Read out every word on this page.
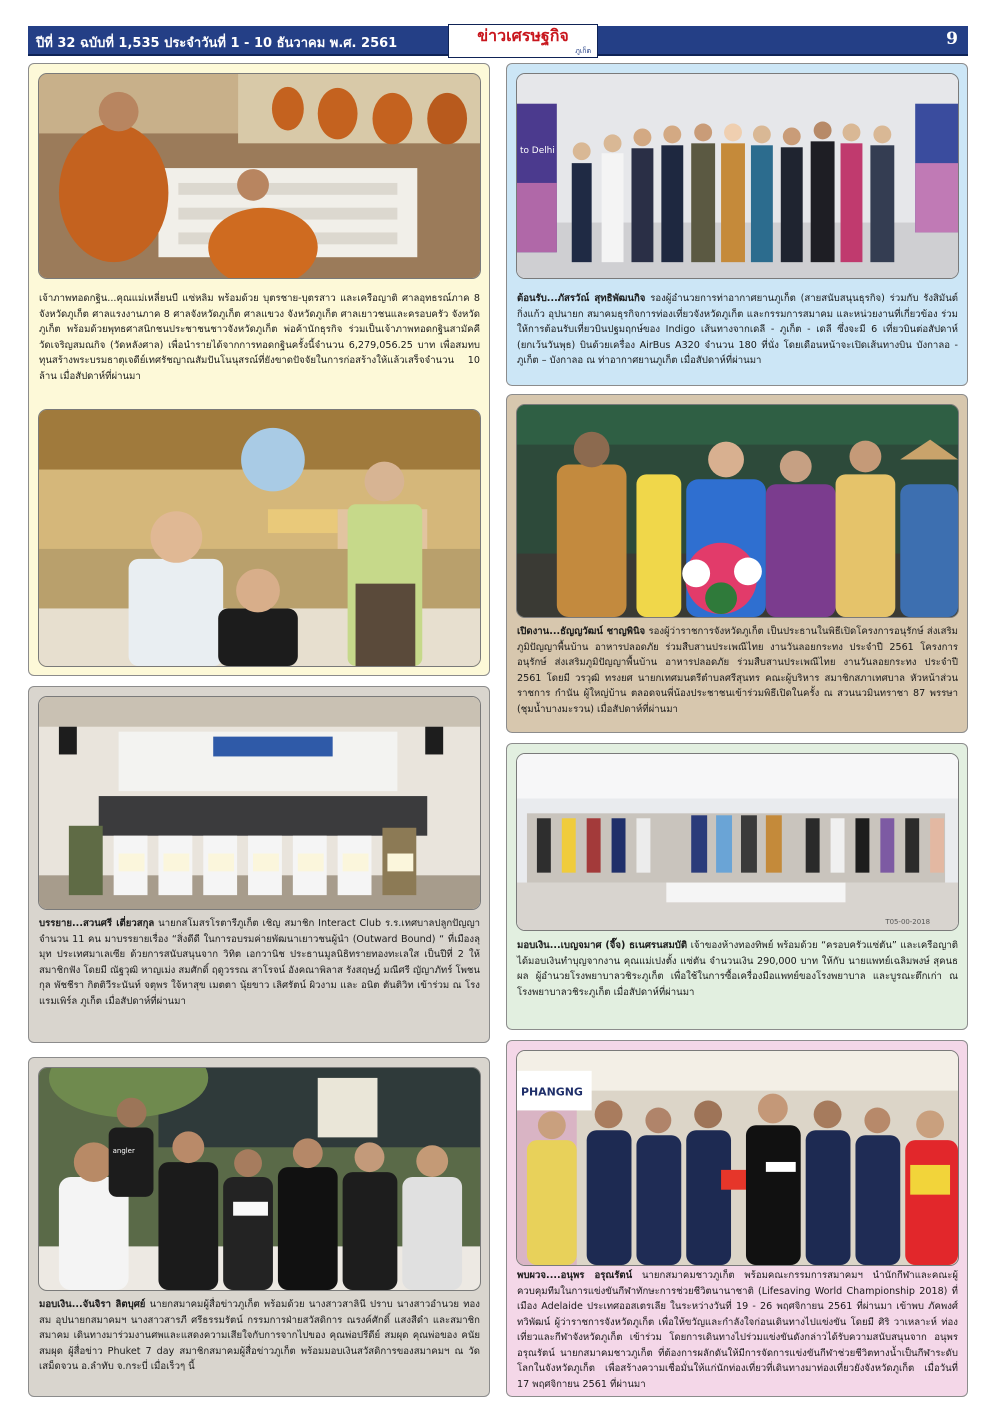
ปีที่ 32 ฉบับที่ 1,535 ประจำวันที่ 1 - 10 ธันวาคม พ.ศ. 2561	ข่าวเศรษฐกิจ
ภูเก็ต
9
เจ้าภาพทอดกฐิน...คุณแม่เหลี่ยนบี แซ่หลิม พร้อมด้วย บุตรชาย-บุตรสาว และเครือญาติ ศาลอุทธรณ์ภาค 8 จังหวัดภูเก็ต ศาลแรงงานภาค 8 ศาลจังหวัดภูเก็ต ศาลแขวง จังหวัดภูเก็ต ศาลเยาวชนและครอบครัว จังหวัดภูเก็ต พร้อมด้วยพุทธศาสนิกชนประชาชนชาวจังหวัดภูเก็ต พ่อค้านักธุรกิจ ร่วมเป็นเจ้าภาพทอดกฐินสามัคคีวัดเจริญสมณกิจ (วัดหลังศาล) เพื่อนำรายได้จากการทอดกฐินครั้งนี้จำนวน 6,279,056.25 บาท เพื่อสมทบทุนสร้างพระบรมธาตุเจดีย์เทศรัชญาณสัมปันโนนุสรณ์ที่ยังขาดปัจจัยในการก่อสร้างให้แล้วเสร็จจำนวน 10 ล้าน เมื่อสัปดาห์ที่ผ่านมา
to Delhi
ต้อนรับ...ภัสรวัณ์ สุทธิพัฒนกิจ รองผู้อำนวยการท่าอากาศยานภูเก็ต (สายสนับสนุนธุรกิจ) ร่วมกับ รังสิมันต์ กิ่งแก้ว อุปนายก สมาคมธุรกิจการท่องเที่ยวจังหวัดภูเก็ต และกรรมการสมาคม และหน่วยงานที่เกี่ยวข้อง ร่วมให้การต้อนรับเที่ยวบินปฐมฤกษ์ของ Indigo เส้นทางจากเดลี - ภูเก็ต - เดลี ซึ่งจะมี 6 เที่ยวบินต่อสัปดาห์ (ยกเว้นวันพุธ) บินด้วยเครื่อง AirBus A320 จำนวน 180 ที่นั่ง โดยเดือนหน้าจะเปิดเส้นทางบิน บังกาลอ - ภูเก็ต – บังกาลอ ณ ท่าอากาศยานภูเก็ต เมื่อสัปดาห์ที่ผ่านมา
เปิดงาน...ธัญญวัฒน์ ชาญพินิจ รองผู้ว่าราชการจังหวัดภูเก็ต เป็นประธานในพิธีเปิดโครงการอนุรักษ์ ส่งเสริมภูมิปัญญาพื้นบ้าน อาหารปลอดภัย ร่วมสืบสานประเพณีไทย งานวันลอยกระทง ประจำปี 2561 โครงการอนุรักษ์ ส่งเสริมภูมิปัญญาพื้นบ้าน อาหารปลอดภัย ร่วมสืบสานประเพณีไทย งานวันลอยกระทง ประจำปี 2561 โดยมี วรวุฒิ ทรงยศ นายกเทศมนตรีตำบลศรีสุนทร คณะผู้บริหาร สมาชิกสภาเทศบาล หัวหน้าส่วนราชการ กำนัน ผู้ใหญ่บ้าน ตลอดจนพี่น้องประชาชนเข้าร่วมพิธีเปิดในครั้ง ณ สวนนวมินทราชา 87 พรรษา (ชุมน้ำบางมะรวน) เมื่อสัปดาห์ที่ผ่านมา
บรรยาย...สวนศรี เตี่ยวสกุล นายกสโมสรโรตารีภูเก็ต เชิญ สมาชิก Interact Club ร.ร.เทศบาลปลูกปัญญา จำนวน 11 คน มาบรรยายเรื่อง “สิ่งดีดี ในการอบรมค่ายพัฒนาเยาวชนผู้นำ (Outward Bound) “ ที่เมืองลุมุท ประเทศมาเลเซีย ด้วยการสนับสนุนจาก วิทิต เอกวานิช ประธานมูลนิธิทรายทองทะเลใส เป็นปีที่ 2 ให้สมาชิกฟัง โดยมี ณัฐวุฒิ หาญเม่ง สมศักดิ์ ฤดูวรรณ สาโรจน์ อังคณาพิลาส รังสฤษฎ์ มณีศรี ญัญาภัทร์ โพชนกุล พัชชีรา กิตติวีระนันท์ จตุพร ใจ้หาสุข เมตตา นุ้ยขาว เลิศรัตน์ ผิวงาม และ อนิต ตันติวิท เข้าร่วม ณ โรงแรมเพิร์ล ภูเก็ต เมื่อสัปดาห์ที่ผ่านมา
T05-00-2018
มอบเงิน...เบญจมาศ (จี๊จ) ธเนศรนสมบัติ เจ้าของห้างทองทิพย์ พร้อมด้วย “ครอบครัวแซ่ตัน” และเครือญาติ ได้มอบเงินทำบุญจากงาน คุณแม่เปงตั้ง แซ่ตัน จำนวนเงิน 290,000 บาท ให้กับ นายแพทย์เฉลิมพงษ์ สุคนธผล ผู้อำนวยโรงพยาบาลวชิระภูเก็ต เพื่อใช้ในการซื้อเครื่องมือแพทย์ของโรงพยาบาล และบูรณะตึกเก่า ณ โรงพยาบาลวชิระภูเก็ต เมื่อสัปดาห์ที่ผ่านมา
angler
มอบเงิน...จันจิรา ลิตบุศย์ นายกสมาคมผู้สื่อข่าวภูเก็ต พร้อมด้วย นางสาวสาลินี ปราบ นางสาวอำนวย ทองสม อุปนายกสมาคมฯ นางสาวสารภี ศรีธรรมรัตน์ กรรมการฝ่ายสวัสดิการ ณรงค์ศักดิ์ แสงสีดำ และสมาชิกสมาคม เดินทางมาร่วมงานศพและแสดงความเสียใจกับการจากไปของ คุณพ่อปรีดีย์ สมผุด คุณพ่อของ คนัย สมผุด ผู้สื่อข่าว Phuket 7 day สมาชิกสมาคมผู้สื่อข่าวภูเก็ต พร้อมมอบเงินสวัสดิการของสมาคมฯ ณ วัดเสม็ดจวน อ.ลำทับ จ.กระบี่ เมื่อเร็วๆ นี้
PHANGNG
พบผวจ....อนุพร อรุณรัตน์ นายกสมาคมชาวภูเก็ต พร้อมคณะกรรมการสมาคมฯ นำนักกีฬาและคณะผู้ควบคุมทีมในการแข่งขันกีฬาทักษะการช่วยชีวิตนานาชาติ (Lifesaving World Championship 2018) ที่เมือง Adelaide ประเทศออสเตรเลีย ในระหว่างวันที่ 19 - 26 พฤศจิกายน 2561 ที่ผ่านมา เข้าพบ ภัคพงศ์ ทวิพัฒน์ ผู้ว่าราชการจังหวัดภูเก็ต เพื่อให้ขวัญและกำลังใจก่อนเดินทางไปแข่งขัน โดยมี ศิริ วาเหลาะห์ ท่องเที่ยวและกีฬาจังหวัดภูเก็ต เข้าร่วม โดยการเดินทางไปร่วมแข่งขันดังกล่าวได้รับความสนับสนุนจาก อนุพร อรุณรัตน์ นายกสมาคมชาวภูเก็ต ที่ต้องการผลักดันให้มีการจัดการแข่งขันกีฬาช่วยชีวิตทางน้ำเป็นกีฬาระดับโลกในจังหวัดภูเก็ต เพื่อสร้างความเชื่อมั่นให้แก่นักท่องเที่ยวที่เดินทางมาท่องเที่ยวยังจังหวัดภูเก็ต เมื่อวันที่ 17 พฤศจิกายน 2561 ที่ผ่านมา
